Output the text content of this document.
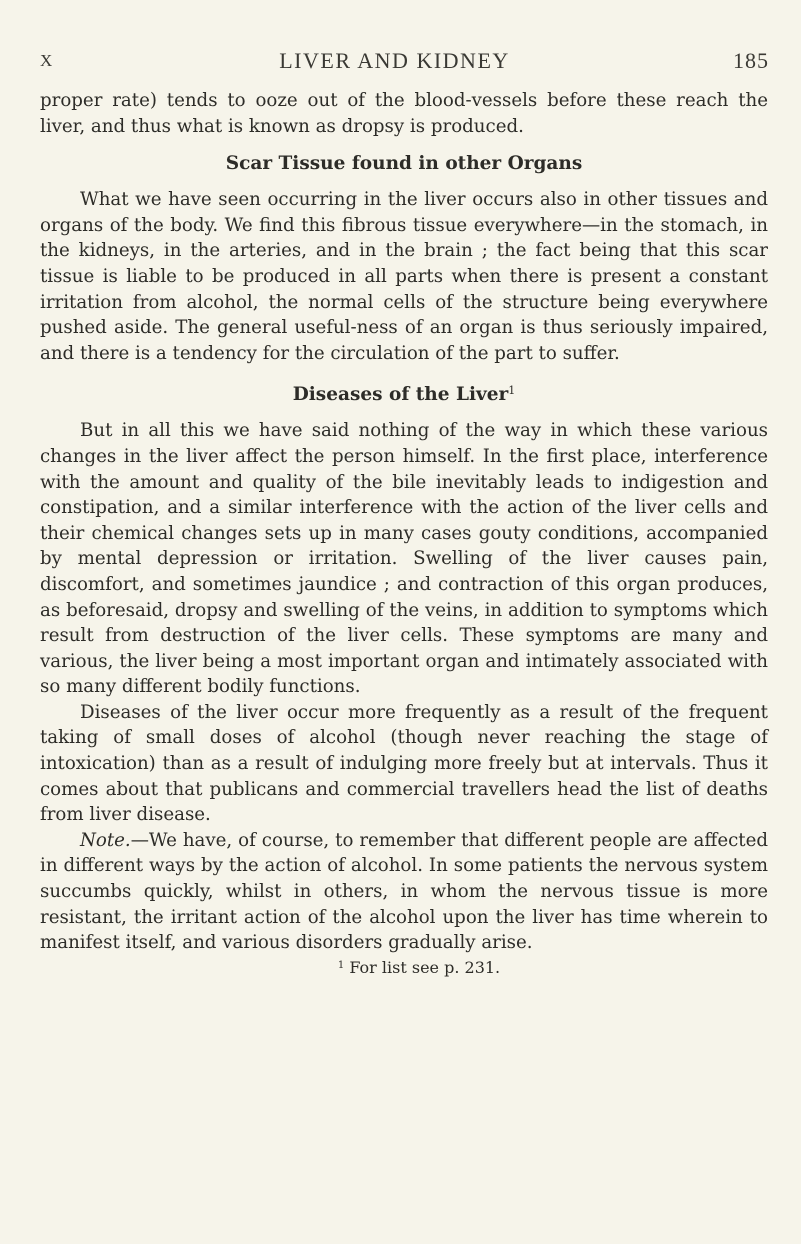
X	LIVER AND KIDNEY	185

proper rate) tends to ooze out of the blood-vessels before these reach the liver, and thus what is known as dropsy is produced.

Scar Tissue found in other Organs

What we have seen occurring in the liver occurs also in other tissues and organs of the body. We find this fibrous tissue everywhere—in the stomach, in the kidneys, in the arteries, and in the brain ; the fact being that this scar tissue is liable to be produced in all parts when there is present a constant irritation from alcohol, the normal cells of the structure being everywhere pushed aside. The general useful-ness of an organ is thus seriously impaired, and there is a tendency for the circulation of the part to suffer.

Diseases of the Liver$^1$

But in all this we have said nothing of the way in which these various changes in the liver affect the person himself. In the first place, interference with the amount and quality of the bile inevitably leads to indigestion and constipation, and a similar interference with the action of the liver cells and their chemical changes sets up in many cases gouty conditions, accompanied by mental depression or irritation. Swelling of the liver causes pain, discomfort, and sometimes jaundice ; and contraction of this organ produces, as beforesaid, dropsy and swelling of the veins, in addition to symptoms which result from destruction of the liver cells. These symptoms are many and various, the liver being a most important organ and intimately associated with so many different bodily functions.

Diseases of the liver occur more frequently as a result of the frequent taking of small doses of alcohol (though never reaching the stage of intoxication) than as a result of indulging more freely but at intervals. Thus it comes about that publicans and commercial travellers head the list of deaths from liver disease.

Note.—We have, of course, to remember that different people are affected in different ways by the action of alcohol. In some patients the nervous system succumbs quickly, whilst in others, in whom the nervous tissue is more resistant, the irritant action of the alcohol upon the liver has time wherein to manifest itself, and various disorders gradually arise.

$^1$ For list see p. 231.
